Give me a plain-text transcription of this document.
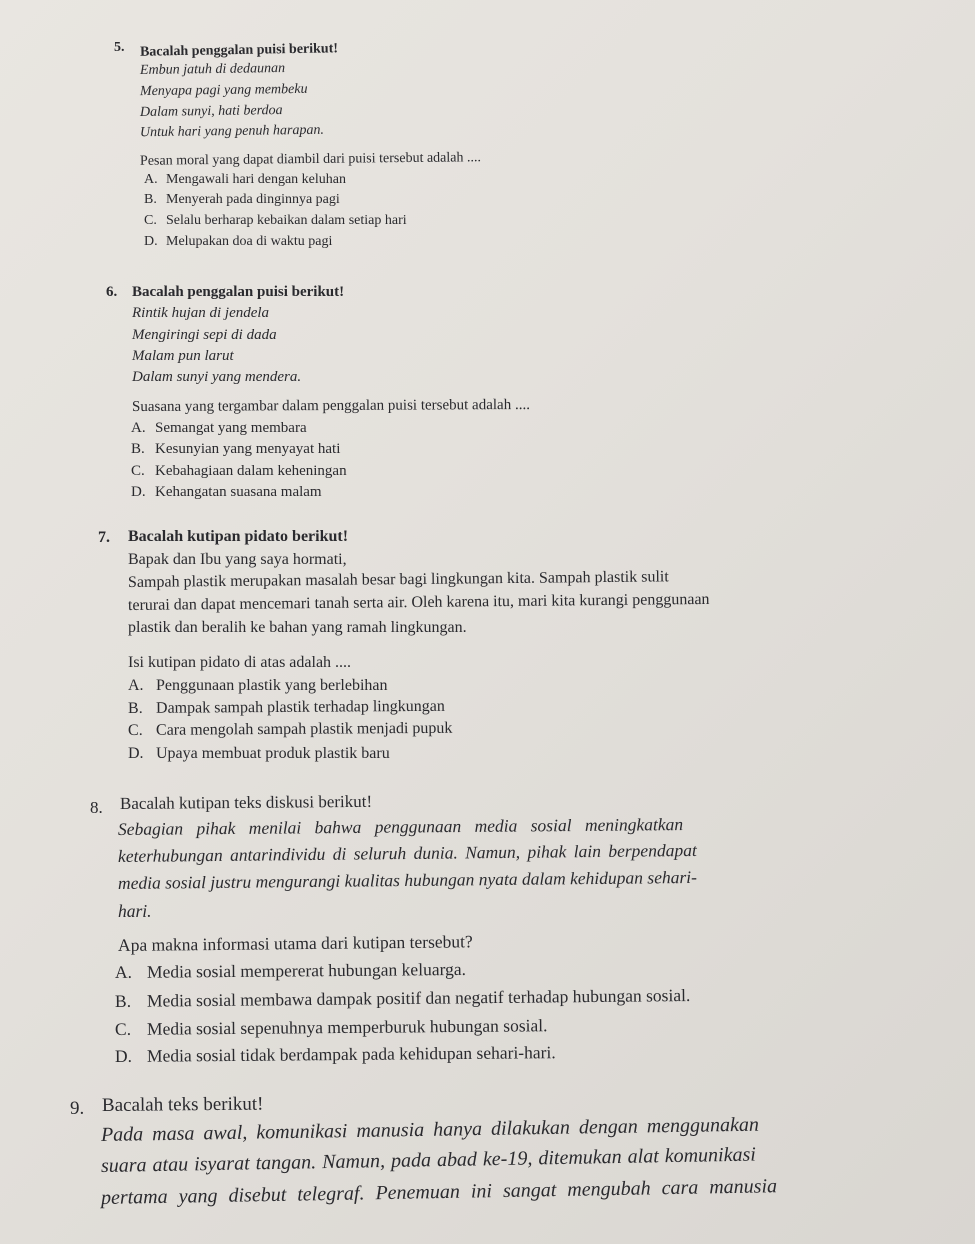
5. Bacalah penggalan puisi berikut!
Embun jatuh di dedaunan
Menyapa pagi yang membeku
Dalam sunyi, hati berdoa
Untuk hari yang penuh harapan.
Pesan moral yang dapat diambil dari puisi tersebut adalah ....
A. Mengawali hari dengan keluhan
B. Menyerah pada dinginnya pagi
C. Selalu berharap kebaikan dalam setiap hari
D. Melupakan doa di waktu pagi
6. Bacalah penggalan puisi berikut!
Rintik hujan di jendela
Mengiringi sepi di dada
Malam pun larut
Dalam sunyi yang mendera.
Suasana yang tergambar dalam penggalan puisi tersebut adalah ....
A. Semangat yang membara
B. Kesunyian yang menyayat hati
C. Kebahagiaan dalam keheningan
D. Kehangatan suasana malam
7. Bacalah kutipan pidato berikut!
Bapak dan Ibu yang saya hormati,
Sampah plastik merupakan masalah besar bagi lingkungan kita. Sampah plastik sulit
terurai dan dapat mencemari tanah serta air. Oleh karena itu, mari kita kurangi penggunaan
plastik dan beralih ke bahan yang ramah lingkungan.
Isi kutipan pidato di atas adalah ....
A. Penggunaan plastik yang berlebihan
B. Dampak sampah plastik terhadap lingkungan
C. Cara mengolah sampah plastik menjadi pupuk
D. Upaya membuat produk plastik baru
8. Bacalah kutipan teks diskusi berikut!
Sebagian pihak menilai bahwa penggunaan media sosial meningkatkan
keterhubungan antarindividu di seluruh dunia. Namun, pihak lain berpendapat
media sosial justru mengurangi kualitas hubungan nyata dalam kehidupan sehari-
hari.
Apa makna informasi utama dari kutipan tersebut?
A. Media sosial mempererat hubungan keluarga.
B. Media sosial membawa dampak positif dan negatif terhadap hubungan sosial.
C. Media sosial sepenuhnya memperburuk hubungan sosial.
D. Media sosial tidak berdampak pada kehidupan sehari-hari.
9. Bacalah teks berikut!
Pada masa awal, komunikasi manusia hanya dilakukan dengan menggunakan
suara atau isyarat tangan. Namun, pada abad ke-19, ditemukan alat komunikasi
pertama yang disebut telegraf. Penemuan ini sangat mengubah cara manusia
